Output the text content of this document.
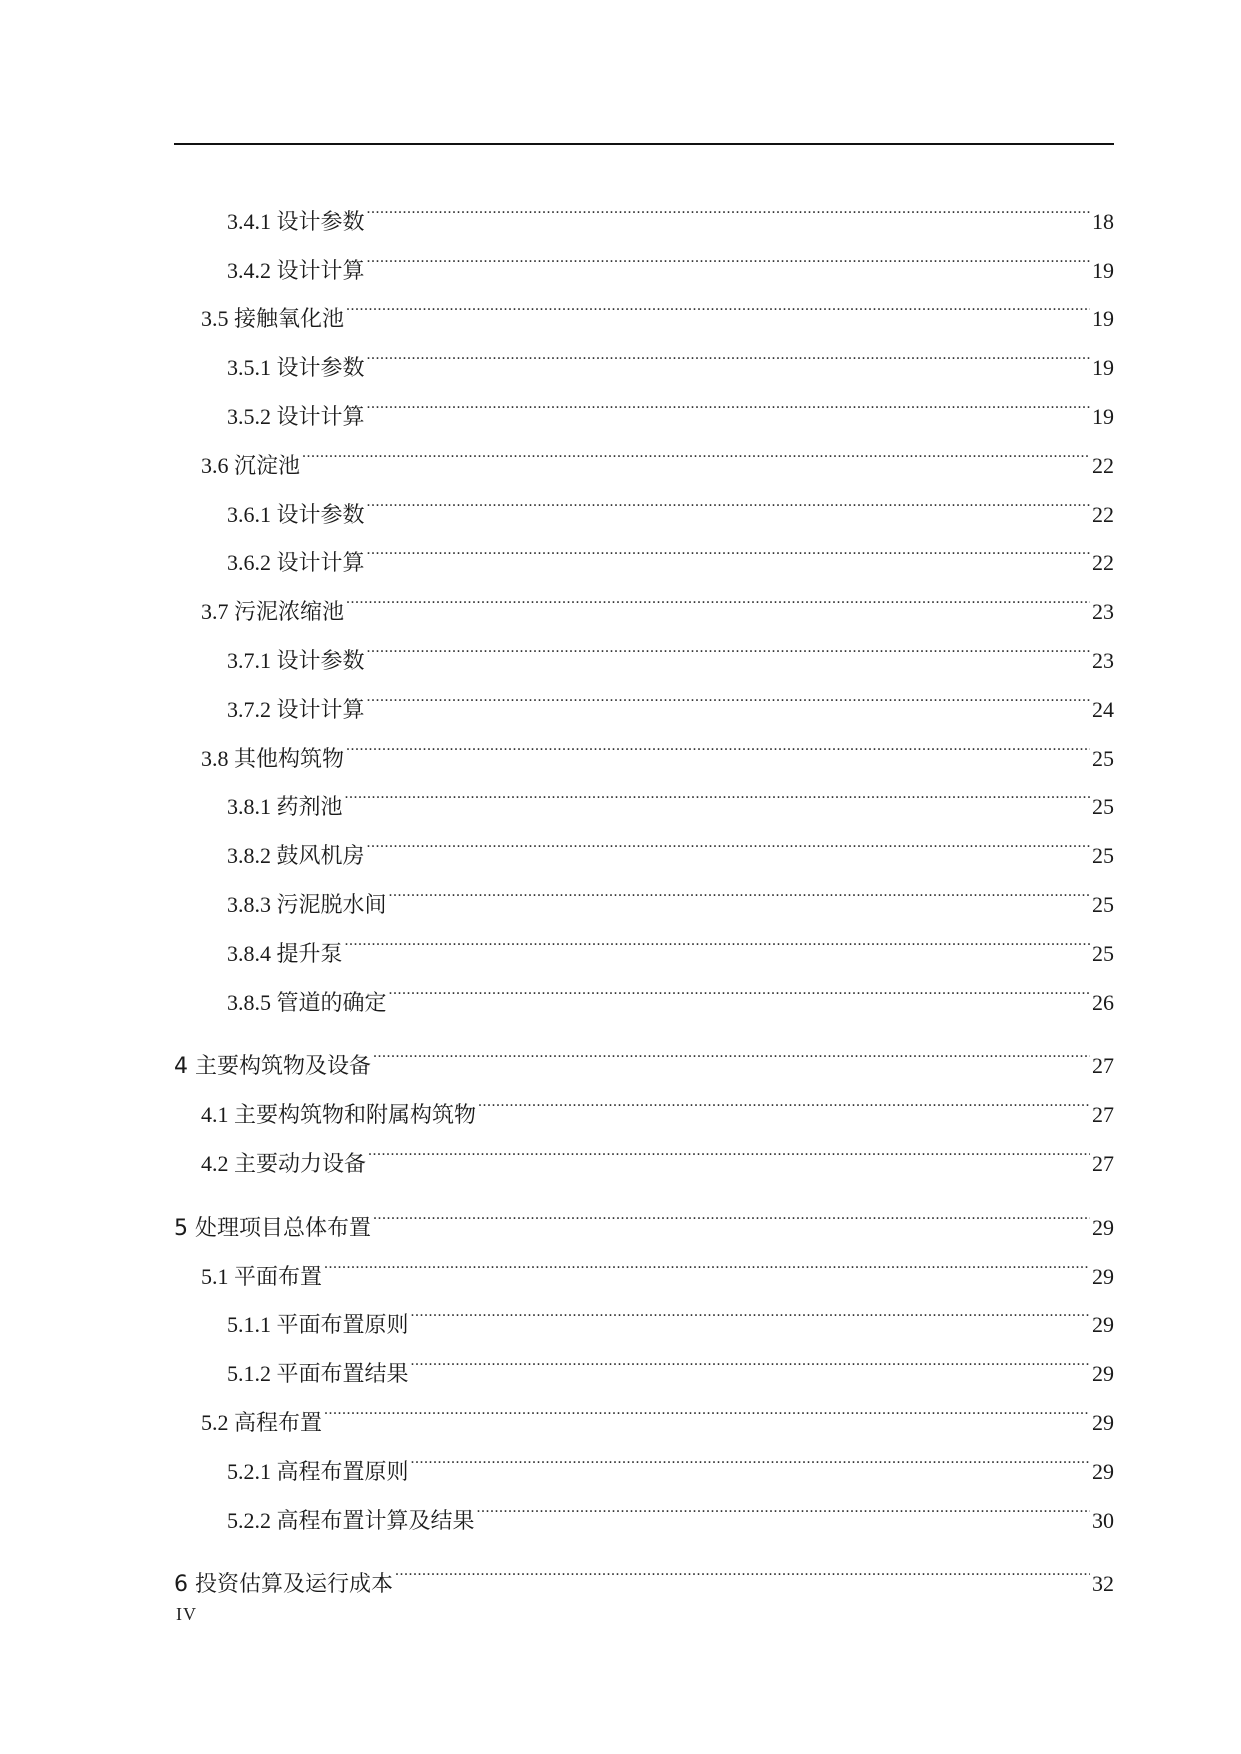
3.4.1 设计参数 .....	18
3.4.2 设计计算 .....	19
3.5 接触氧化池 .....	19
3.5.1 设计参数 .....	19
3.5.2 设计计算 .....	19
3.6 沉淀池 .....	22
3.6.1 设计参数 .....	22
3.6.2 设计计算 .....	22
3.7 污泥浓缩池 .....	23
3.7.1 设计参数 .....	23
3.7.2 设计计算 .....	24
3.8 其他构筑物 .....	25
3.8.1 药剂池 .....	25
3.8.2 鼓风机房 .....	25
3.8.3 污泥脱水间 .....	25
3.8.4 提升泵 .....	25
3.8.5 管道的确定 .....	26
4 主要构筑物及设备 .....	27
4.1 主要构筑物和附属构筑物 .....	27
4.2 主要动力设备 .....	27
5 处理项目总体布置 .....	29
5.1 平面布置 .....	29
5.1.1 平面布置原则 .....	29
5.1.2 平面布置结果 .....	29
5.2 高程布置 .....	29
5.2.1 高程布置原则 .....	29
5.2.2 高程布置计算及结果 .....	30
6 投资估算及运行成本 .....	32
IV
